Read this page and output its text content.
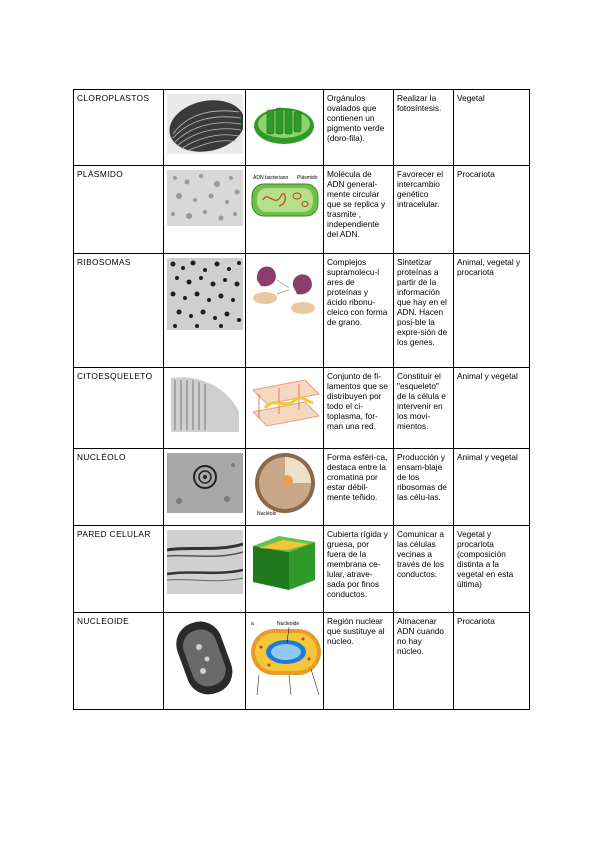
CLOROPLASTOS			Orgánulos ovalados que contienen un pigmento verde (doro-fila).	Realizar la fotosíntesis.	Vegetal
PLÁSMIDO		ADN bacteriano Plásmido	Molécula de ADN general-mente circular que se replica y trasmite , independiente del ADN.	Favorecer el intercambio genético intracelular.	Procariota
RIBOSOMAS			Complejos supramolecu-l ares de proteínas y ácido ribonu-cleico con forma de grano.	Sintetizar proteínas a partir de la información que hay en el ADN. Hacen posi-ble la expre-sión de los genes.	Animal, vegetal y procariota
CITOESQUELETO			Conjunto de fi-lamentos que se distribuyen por todo el ci-toplasma, for-man una red.	Constituir el "esqueleto" de la célula e intervenir en los movi-mientos.	Animal y vegetal
NUCLÉOLO		Nucléolo	Forma esféri-ca, destaca entre la cromatina por estar débil-mente teñido.	Producción y ensam-blaje de los ribosomas de las célu-las.	Animal y vegetal
PARED CELULAR			Cubierta rígida y gruesa, por fuera de la membrana ce-lular, atrave-sada por finos conductos.	Comunicar a las células vecinas a través de los conductos.	Vegetal y procariota (composición distinta a la vegetal en esta última)
NUCLEOIDE		a Nucleoide	Región nuclear que sustituye al núcleo.	Almacenar ADN cuando no hay núcleo.	Procariota
